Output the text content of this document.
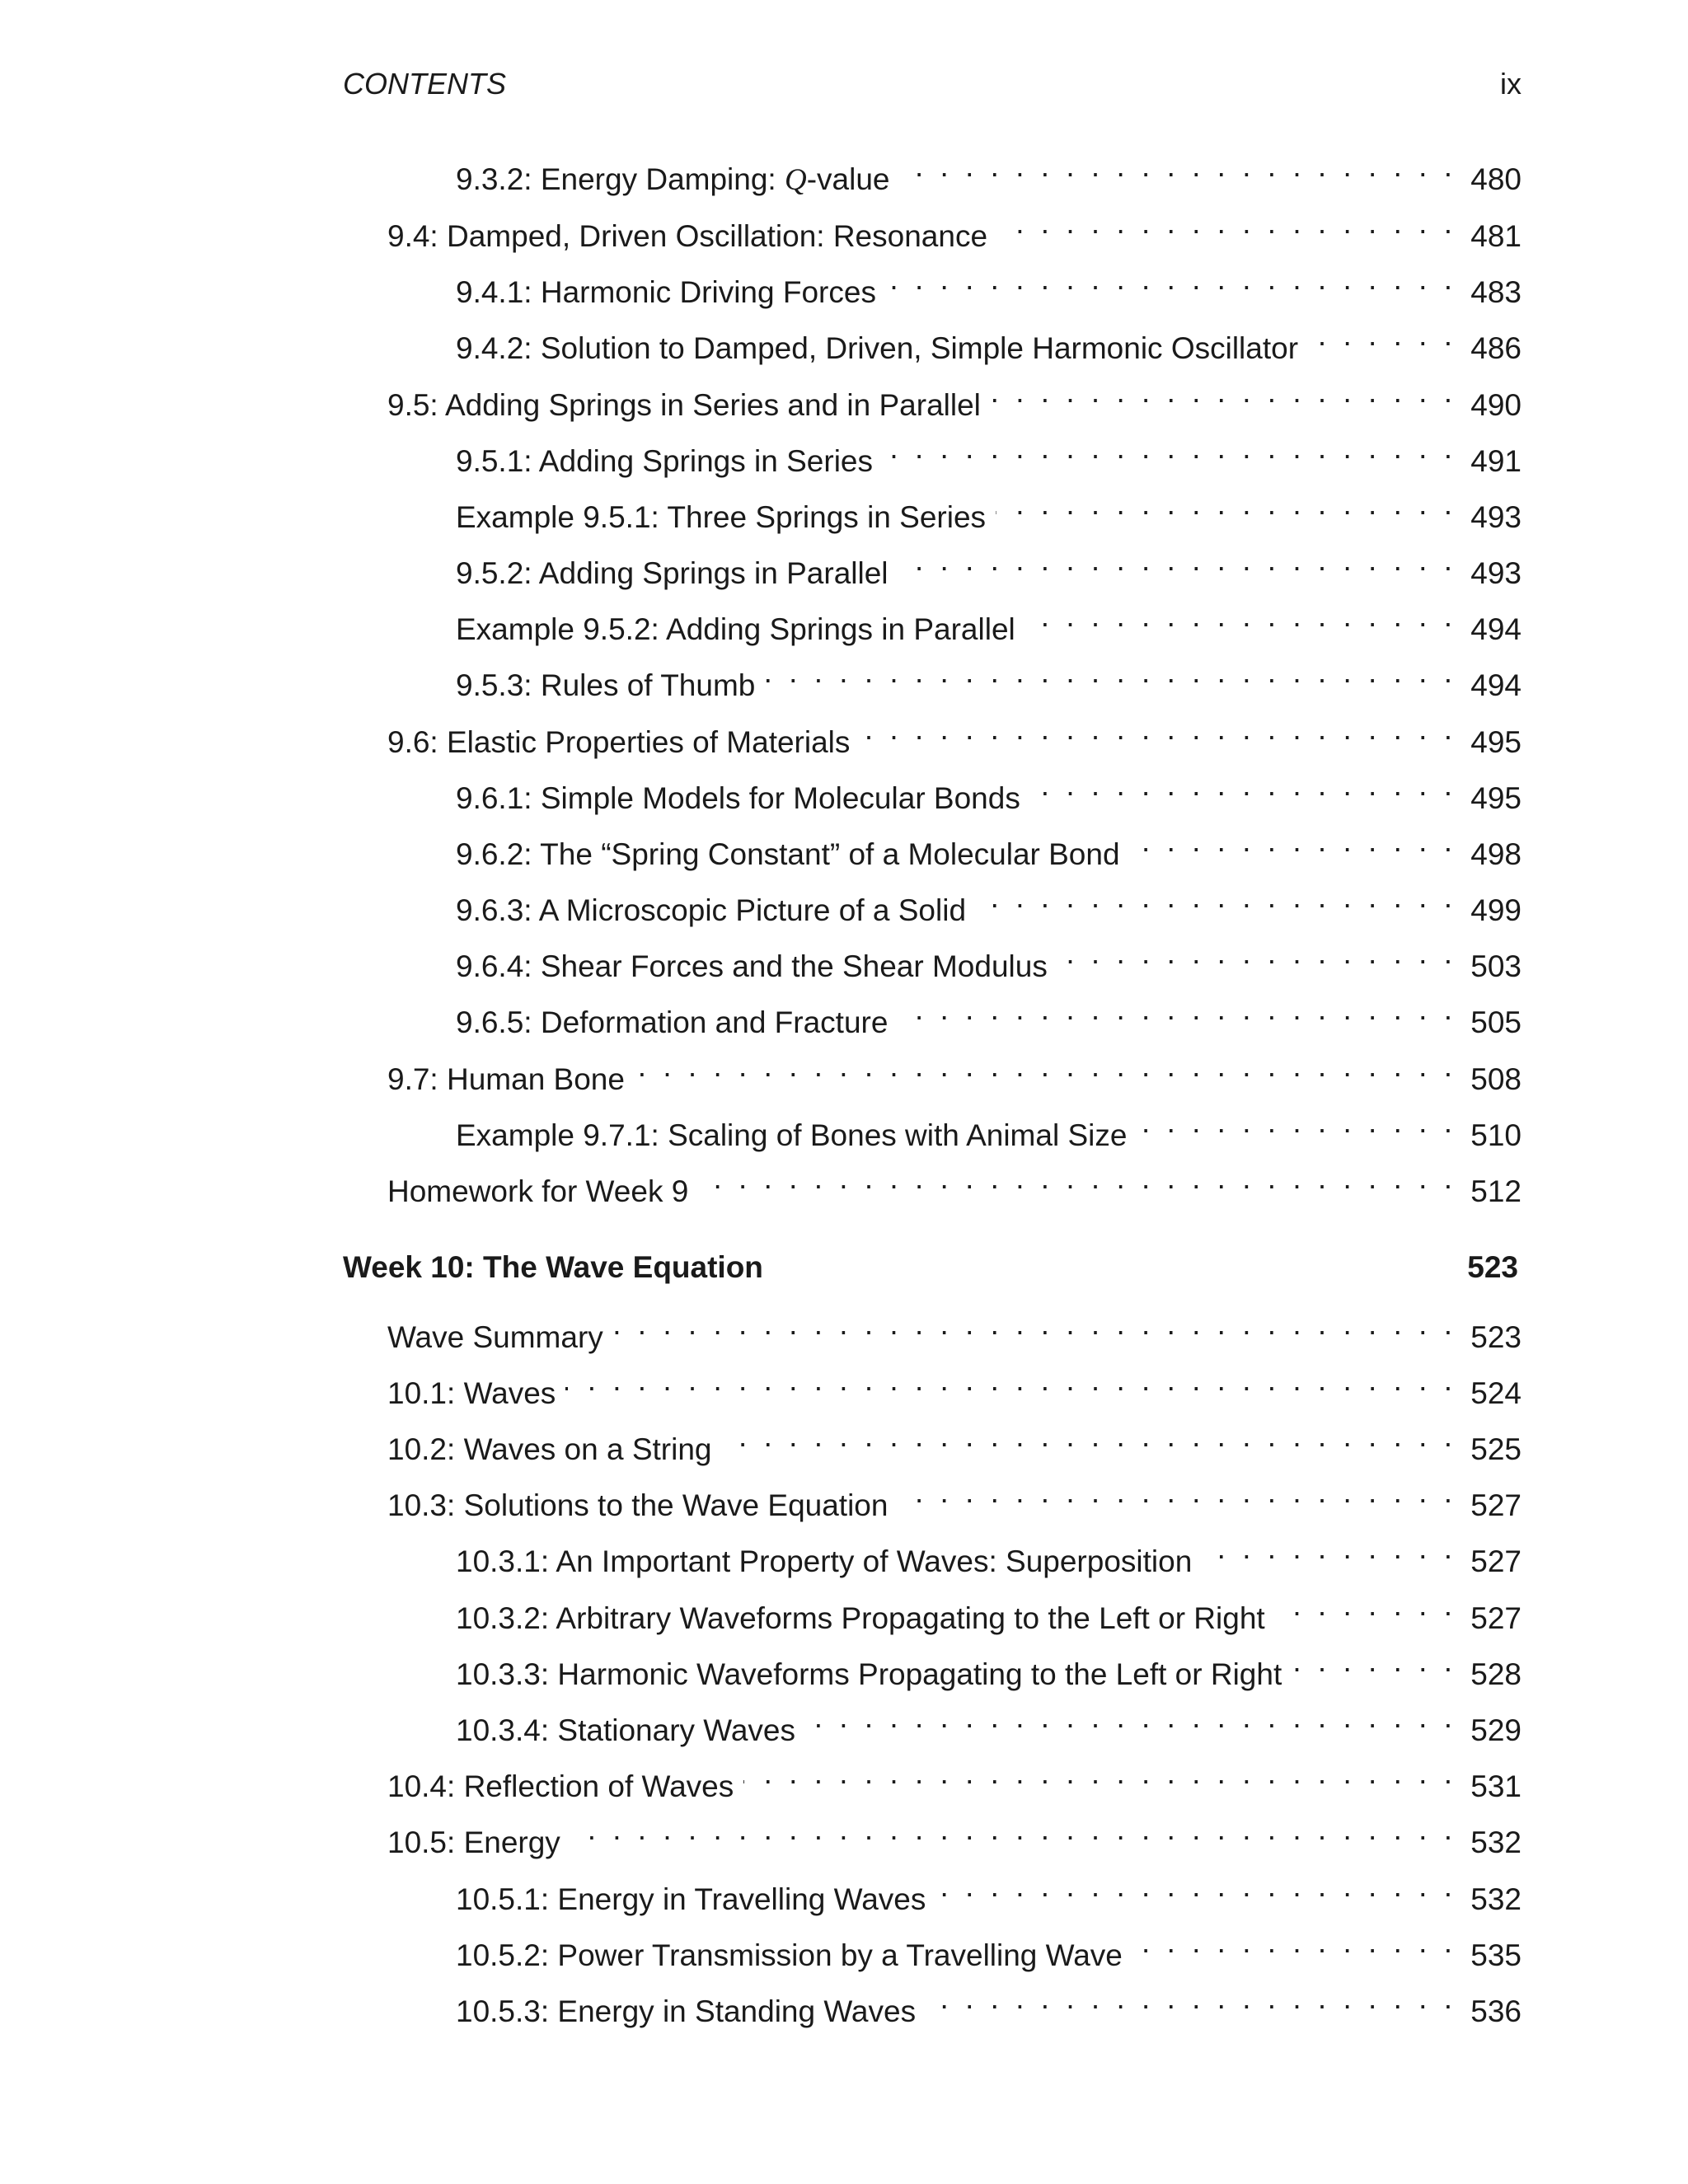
CONTENTS	ix
9.3.2: Energy Damping: Q-value . . .	480
9.4: Damped, Driven Oscillation: Resonance . . .	481
9.4.1: Harmonic Driving Forces . . .	483
9.4.2: Solution to Damped, Driven, Simple Harmonic Oscillator . . .	486
9.5: Adding Springs in Series and in Parallel . . .	490
9.5.1: Adding Springs in Series . . .	491
Example 9.5.1: Three Springs in Series . . .	493
9.5.2: Adding Springs in Parallel . . .	493
Example 9.5.2: Adding Springs in Parallel . . .	494
9.5.3: Rules of Thumb . . .	494
9.6: Elastic Properties of Materials . . .	495
9.6.1: Simple Models for Molecular Bonds . . .	495
9.6.2: The “Spring Constant” of a Molecular Bond . . .	498
9.6.3: A Microscopic Picture of a Solid . . .	499
9.6.4: Shear Forces and the Shear Modulus . . .	503
9.6.5: Deformation and Fracture . . .	505
9.7: Human Bone . . .	508
Example 9.7.1: Scaling of Bones with Animal Size . . .	510
Homework for Week 9 . . .	512
Week 10: The Wave Equation	523
Wave Summary . . .	523
10.1: Waves . . .	524
10.2: Waves on a String . . .	525
10.3: Solutions to the Wave Equation . . .	527
10.3.1: An Important Property of Waves: Superposition . . .	527
10.3.2: Arbitrary Waveforms Propagating to the Left or Right . . .	527
10.3.3: Harmonic Waveforms Propagating to the Left or Right . . .	528
10.3.4: Stationary Waves . . .	529
10.4: Reflection of Waves . . .	531
10.5: Energy . . .	532
10.5.1: Energy in Travelling Waves . . .	532
10.5.2: Power Transmission by a Travelling Wave . . .	535
10.5.3: Energy in Standing Waves . . .	536
